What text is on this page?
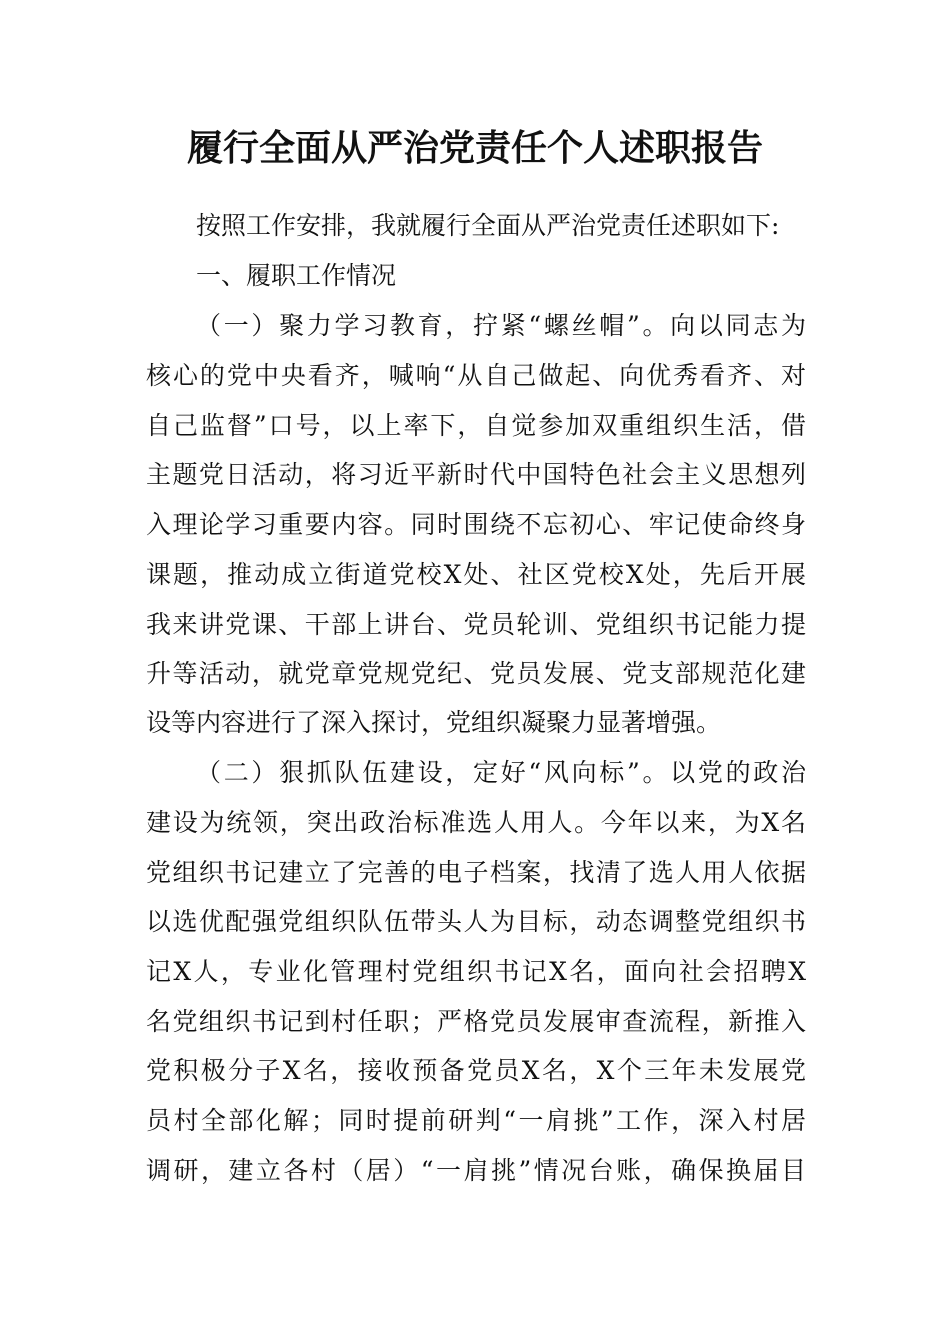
履行全面从严治党责任个人述职报告
按照工作安排，我就履行全面从严治党责任述职如下:
一、履职工作情况
（一）聚力学习教育，拧紧“螺丝帽”。向以同志为
核心的党中央看齐，喊响“从自己做起、向优秀看齐、对
自己监督”口号，以上率下，自觉参加双重组织生活，借
主题党日活动，将习近平新时代中国特色社会主义思想列
入理论学习重要内容。同时围绕不忘初心、牢记使命终身
课题，推动成立街道党校X处、社区党校X处，先后开展
我来讲党课、干部上讲台、党员轮训、党组织书记能力提
升等活动，就党章党规党纪、党员发展、党支部规范化建
设等内容进行了深入探讨，党组织凝聚力显著增强。
（二）狠抓队伍建设，定好“风向标”。以党的政治
建设为统领，突出政治标准选人用人。今年以来，为X名
党组织书记建立了完善的电子档案，找清了选人用人依据
以选优配强党组织队伍带头人为目标，动态调整党组织书
记X人，专业化管理村党组织书记X名，面向社会招聘X
名党组织书记到村任职；严格党员发展审查流程，新推入
党积极分子X名，接收预备党员X名，X个三年未发展党
员村全部化解；同时提前研判“一肩挑”工作，深入村居
调研，建立各村（居）“一肩挑”情况台账，确保换届目
